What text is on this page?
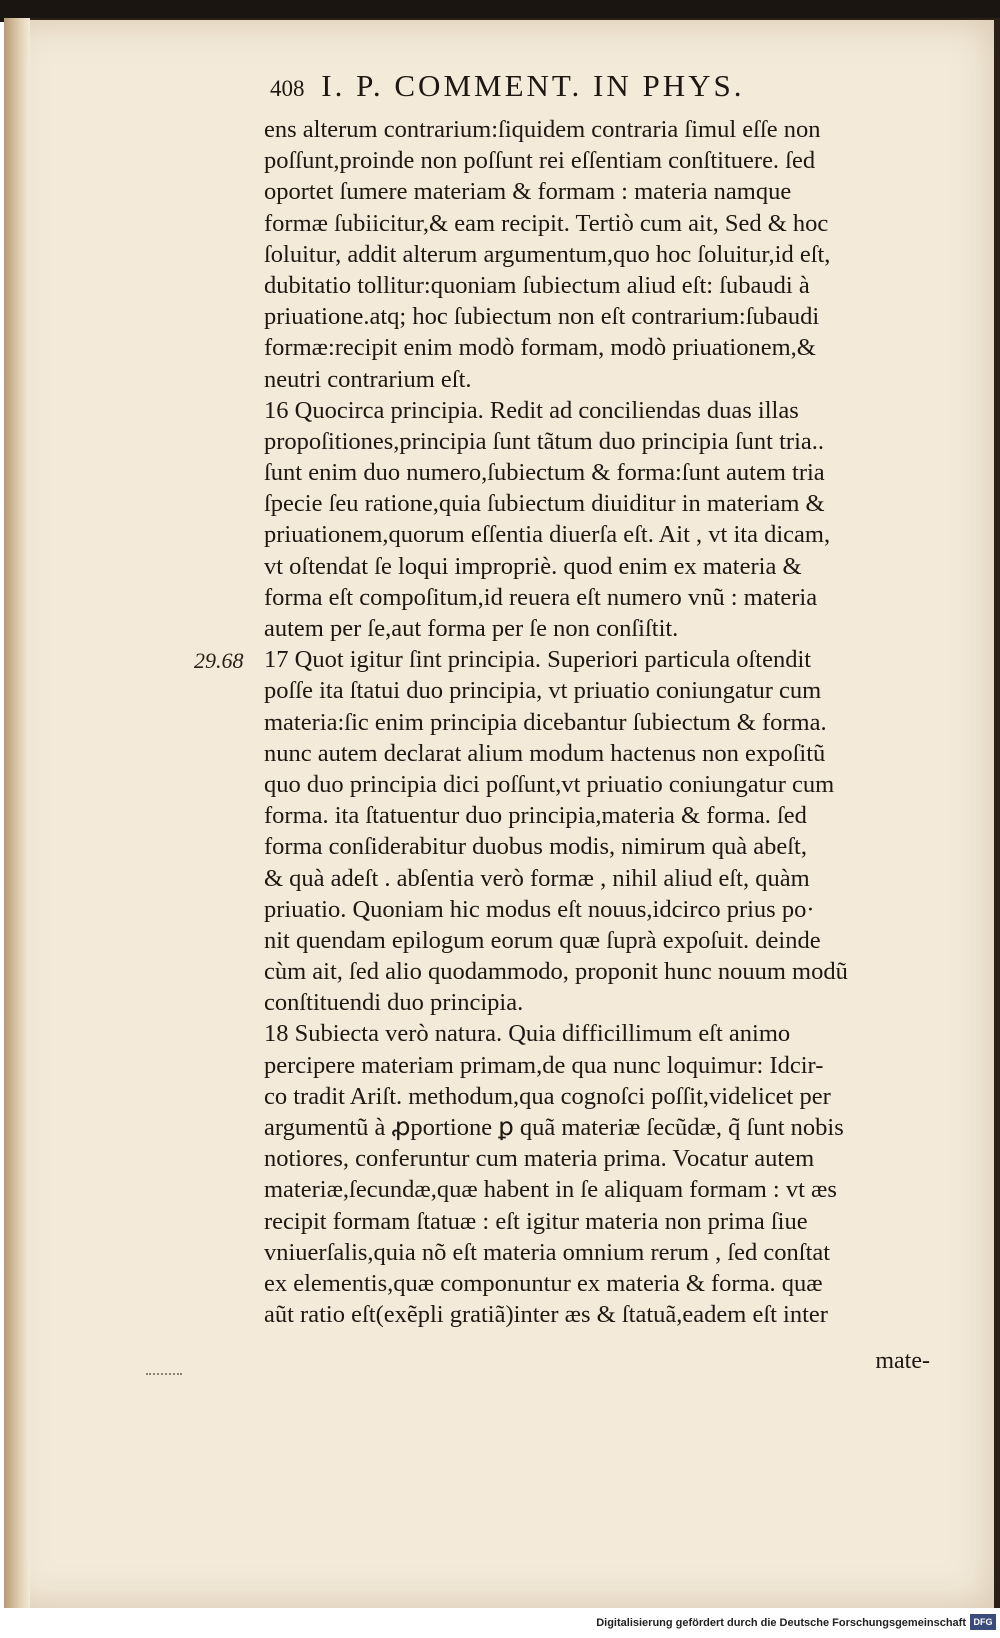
408 I. P. COMMENT. IN PHYS.
ens alterum contrarium:ſiquidem contraria ſimul eſſe non
poſſunt,proinde non poſſunt rei eſſentiam conſtituere. ſed
oportet ſumere materiam & formam : materia namque
formæ ſubiicitur,& eam recipit. Tertiò cum ait, Sed & hoc
ſoluitur, addit alterum argumentum,quo hoc ſoluitur,id eſt,
dubitatio tollitur:quoniam ſubiectum aliud eſt: ſubaudi à
priuatione.atq; hoc ſubiectum non eſt contrarium:ſubaudi
formæ:recipit enim modò formam, modò priuationem,&
neutri contrarium eſt.
16 Quocirca principia. Redit ad conciliendas duas illas
propoſitiones,principia ſunt tãtum duo principia ſunt tria..
ſunt enim duo numero,ſubiectum & forma:ſunt autem tria
ſpecie ſeu ratione,quia ſubiectum diuiditur in materiam &
priuationem,quorum eſſentia diuerſa eſt. Ait , vt ita dicam,
vt oſtendat ſe loqui impropriè. quod enim ex materia &
forma eſt compoſitum,id reuera eſt numero vnũ : materia
autem per ſe,aut forma per ſe non conſiſtit.
17 Quot igitur ſint principia. Superiori particula oſtendit
poſſe ita ſtatui duo principia, vt priuatio coniungatur cum
materia:ſic enim principia dicebantur ſubiectum & forma.
nunc autem declarat alium modum hactenus non expoſitũ
quo duo principia dici poſſunt,vt priuatio coniungatur cum
forma. ita ſtatuentur duo principia,materia & forma. ſed
forma conſiderabitur duobus modis, nimirum quà abeſt,
& quà adeſt . abſentia verò formæ , nihil aliud eſt, quàm
priuatio. Quoniam hic modus eſt nouus,idcirco prius po·
nit quendam epilogum eorum quæ ſuprà expoſuit. deinde
cùm ait, ſed alio quodammodo, proponit hunc nouum modũ
conſtituendi duo principia.
18 Subiecta verò natura. Quia difficillimum eſt animo
percipere materiam primam,de qua nunc loquimur: Idcir-
co tradit Ariſt. methodum,qua cognoſci poſſit,videlicet per
argumentũ à ꝓportione ꝑ quã materiæ ſecũdæ, q̃ ſunt nobis
notiores, conferuntur cum materia prima. Vocatur autem
materiæ,ſecundæ,quæ habent in ſe aliquam formam : vt æs
recipit formam ſtatuæ : eſt igitur materia non prima ſiue
vniuerſalis,quia nõ eſt materia omnium rerum , ſed conſtat
ex elementis,quæ componuntur ex materia & forma. quæ
aũt ratio eſt(exẽpli gratiã)inter æs & ſtatuã,eadem eſt inter
29.68
mate-
Digitalisierung gefördert durch die Deutsche Forschungsgemeinschaft DFG
